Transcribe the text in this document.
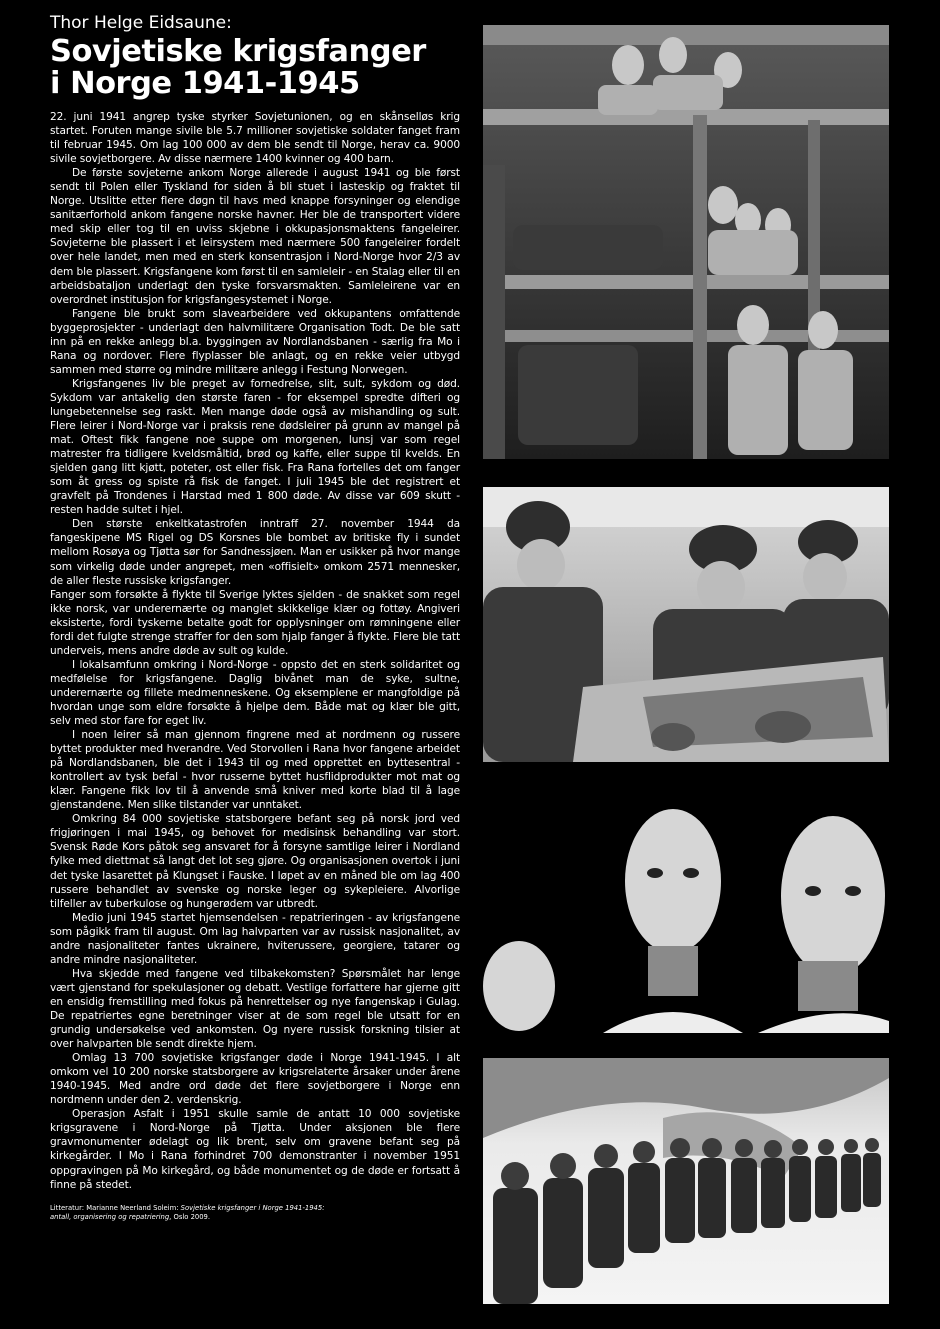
Thor Helge Eidsaune:
Sovjetiske krigsfanger
i Norge 1941-1945

22. juni 1941 angrep tyske styrker Sovjetunionen, og en skånselløs krig startet. Foruten mange sivile ble 5.7 millioner sovjetiske soldater fanget fram til februar 1945. Om lag 100 000 av dem ble sendt til Norge, herav ca. 9000 sivile sovjetborgere. Av disse nærmere 1400 kvinner og 400 barn.

De første sovjeterne ankom Norge allerede i august 1941 og ble først sendt til Polen eller Tyskland for siden å bli stuet i lasteskip og fraktet til Norge. Utslitte etter flere døgn til havs med knappe forsyninger og elendige sanitærforhold ankom fangene norske havner. Her ble de transportert videre med skip eller tog til en uviss skjebne i okkupasjonsmaktens fangeleirer. Sovjeterne ble plassert i et leirsystem med nærmere 500 fangeleirer fordelt over hele landet, men med en sterk konsentrasjon i Nord-Norge hvor 2/3 av dem ble plassert. Krigsfangene kom først til en samleleir - en Stalag eller til en arbeidsbataljon underlagt den tyske forsvarsmakten. Samleleirene var en overordnet institusjon for krigsfangesystemet i Norge.

Fangene ble brukt som slavearbeidere ved okkupantens omfattende byggeprosjekter - underlagt den halvmilitære Organisation Todt. De ble satt inn på en rekke anlegg bl.a. byggingen av Nordlandsbanen - særlig fra Mo i Rana og nordover. Flere flyplasser ble anlagt, og en rekke veier utbygd sammen med større og mindre militære anlegg i Festung Norwegen.

Krigsfangenes liv ble preget av fornedrelse, slit, sult, sykdom og død. Sykdom var antakelig den største faren - for eksempel spredte difteri og lungebetennelse seg raskt. Men mange døde også av mishandling og sult. Flere leirer i Nord-Norge var i praksis rene dødsleirer på grunn av mangel på mat. Oftest fikk fangene noe suppe om morgenen, lunsj var som regel matrester fra tidligere kveldsmåltid, brød og kaffe, eller suppe til kvelds. En sjelden gang litt kjøtt, poteter, ost eller fisk. Fra Rana fortelles det om fanger som åt gress og spiste rå fisk de fanget. I juli 1945 ble det registrert et gravfelt på Trondenes i Harstad med 1 800 døde. Av disse var 609 skutt - resten hadde sultet i hjel.

Den største enkeltkatastrofen inntraff 27. november 1944 da fangeskipene MS Rigel og DS Korsnes ble bombet av britiske fly i sundet mellom Rosøya og Tjøtta sør for Sandnessjøen. Man er usikker på hvor mange som virkelig døde under angrepet, men «offisielt» omkom 2571 mennesker, de aller fleste russiske krigsfanger.

Fanger som forsøkte å flykte til Sverige lyktes sjelden - de snakket som regel ikke norsk, var underernærte og manglet skikkelige klær og fottøy. Angiveri eksisterte, fordi tyskerne betalte godt for opplysninger om rømningene eller fordi det fulgte strenge straffer for den som hjalp fanger å flykte. Flere ble tatt underveis, mens andre døde av sult og kulde.

I lokalsamfunn omkring i Nord-Norge - oppsto det en sterk solidaritet og medfølelse for krigsfangene. Daglig bivånet man de syke, sultne, underernærte og fillete medmenneskene. Og eksemplene er mangfoldige på hvordan unge som eldre forsøkte å hjelpe dem. Både mat og klær ble gitt, selv med stor fare for eget liv.

I noen leirer så man gjennom fingrene med at nordmenn og russere byttet produkter med hverandre. Ved Storvollen i Rana hvor fangene arbeidet på Nordlandsbanen, ble det i 1943 til og med opprettet en byttesentral - kontrollert av tysk befal - hvor russerne byttet husflidprodukter mot mat og klær. Fangene fikk lov til å anvende små kniver med korte blad til å lage gjenstandene. Men slike tilstander var unntaket.

Omkring 84 000 sovjetiske statsborgere befant seg på norsk jord ved frigjøringen i mai 1945, og behovet for medisinsk behandling var stort. Svensk Røde Kors påtok seg ansvaret for å forsyne samtlige leirer i Nordland fylke med diettmat så langt det lot seg gjøre. Og organisasjonen overtok i juni det tyske lasarettet på Klungset i Fauske. I løpet av en måned ble om lag 400 russere behandlet av svenske og norske leger og sykepleiere. Alvorlige tilfeller av tuberkulose og hungerødem var utbredt.

Medio juni 1945 startet hjemsendelsen - repatrieringen - av krigsfangene som pågikk fram til august. Om lag halvparten var av russisk nasjonalitet, av andre nasjonaliteter fantes ukrainere, hviterussere, georgiere, tatarer og andre mindre nasjonaliteter.

Hva skjedde med fangene ved tilbakekomsten? Spørsmålet har lenge vært gjenstand for spekulasjoner og debatt. Vestlige forfattere har gjerne gitt en ensidig fremstilling med fokus på henrettelser og nye fangenskap i Gulag. De repatriertes egne beretninger viser at de som regel ble utsatt for en grundig undersøkelse ved ankomsten. Og nyere russisk forskning tilsier at over halvparten ble sendt direkte hjem.

Omlag 13 700 sovjetiske krigsfanger døde i Norge 1941-1945. I alt omkom vel 10 200 norske statsborgere av krigsrelaterte årsaker under årene 1940-1945. Med andre ord døde det flere sovjetborgere i Norge enn nordmenn under den 2. verdenskrig.

Operasjon Asfalt i 1951 skulle samle de antatt 10 000 sovjetiske krigsgravene i Nord-Norge på Tjøtta. Under aksjonen ble flere gravmonumenter ødelagt og lik brent, selv om gravene befant seg på kirkegårder. I Mo i Rana forhindret 700 demonstranter i november 1951 oppgravingen på Mo kirkegård, og både monumentet og de døde er fortsatt å finne på stedet.

Litteratur: Marianne Neerland Soleim: Sovjetiske krigsfanger i Norge 1941-1945:
antall, organisering og repatriering, Oslo 2009.
